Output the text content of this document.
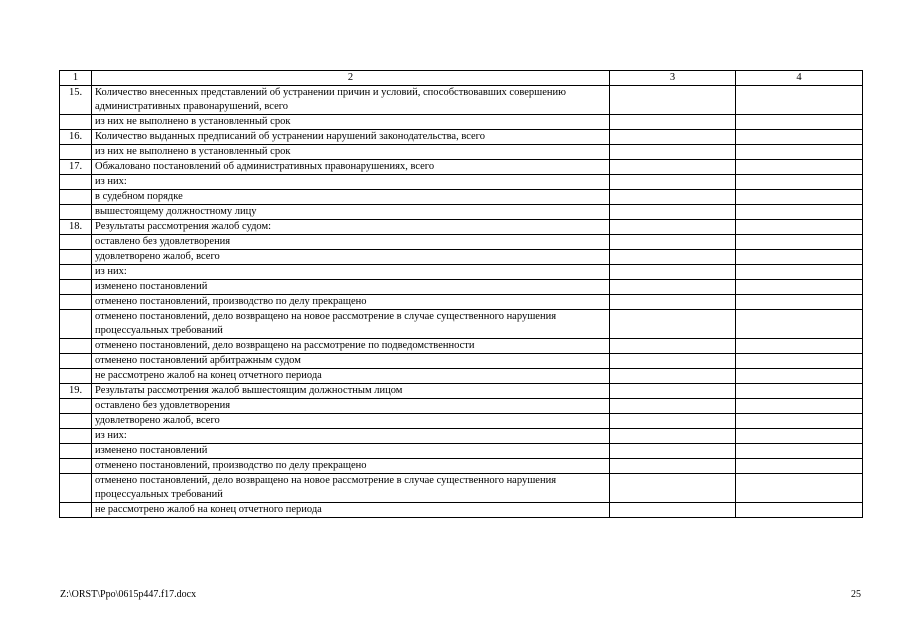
1	2	3	4
15.	Количество внесенных представлений об устранении причин и условий, способствовавших совершению административных правонарушений, всего		
	из них не выполнено в установленный срок		
16.	Количество выданных предписаний об устранении нарушений законодательства, всего		
	из них не выполнено в установленный срок		
17.	Обжаловано постановлений об административных правонарушениях, всего		
	из них:		
	в судебном порядке		
	вышестоящему должностному лицу		
18.	Результаты рассмотрения жалоб судом:		
	оставлено без удовлетворения		
	удовлетворено жалоб, всего		
	из них:		
	изменено постановлений		
	отменено постановлений, производство по делу прекращено		
	отменено постановлений, дело возвращено на новое рассмотрение в случае существенного нарушения процессуальных требований		
	отменено постановлений, дело возвращено на рассмотрение по подведомственности		
	отменено постановлений арбитражным судом		
	не рассмотрено жалоб на конец отчетного периода		
19.	Результаты рассмотрения жалоб вышестоящим должностным лицом		
	оставлено без удовлетворения		
	удовлетворено жалоб, всего		
	из них:		
	изменено постановлений		
	отменено постановлений, производство по делу прекращено		
	отменено постановлений, дело возвращено на новое рассмотрение в случае существенного нарушения процессуальных требований		
	не рассмотрено жалоб на конец отчетного периода		
Z:\ORST\Ppo\0615p447.f17.docx	25
